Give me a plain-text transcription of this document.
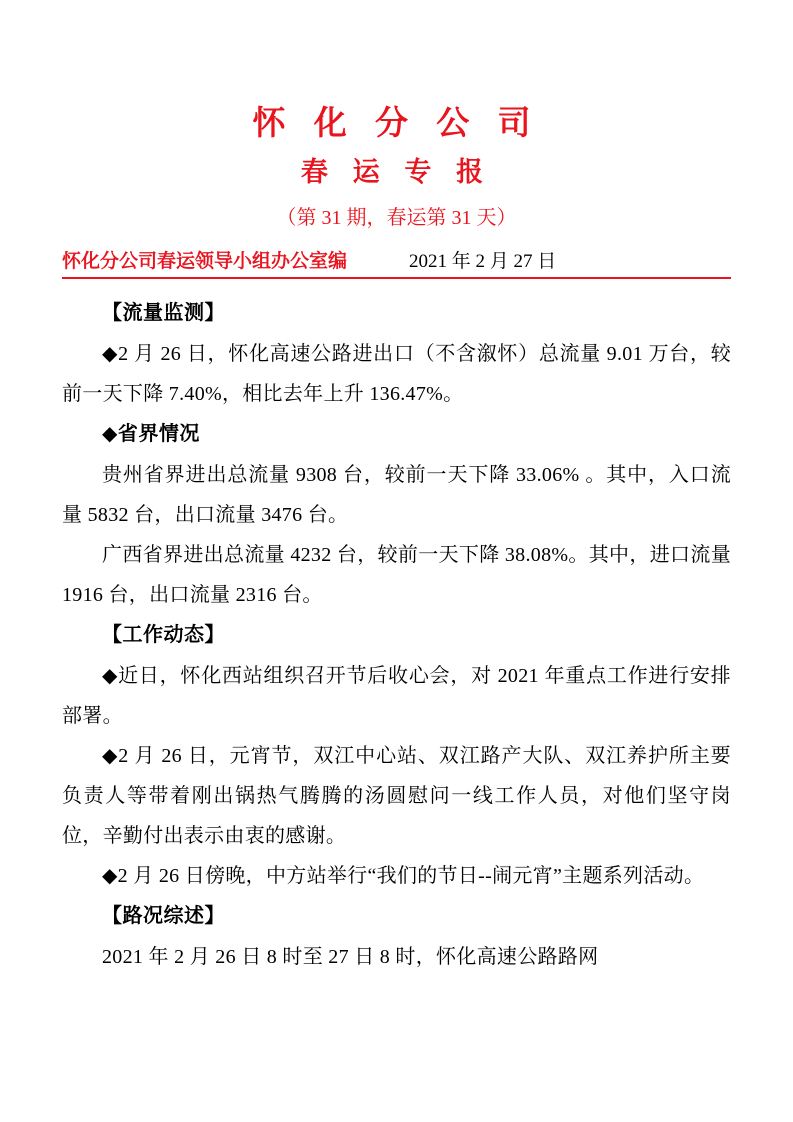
怀 化 分 公 司
春 运 专 报
（第 31 期，春运第 31 天）
怀化分公司春运领导小组办公室编	2021 年 2 月 27 日
【流量监测】

◆2 月 26 日，怀化高速公路进出口（不含溆怀）总流量 9.01 万台，较前一天下降 7.40%，相比去年上升 136.47%。

◆省界情况

贵州省界进出总流量 9308 台，较前一天下降 33.06% 。其中，入口流量 5832 台，出口流量 3476 台。

广西省界进出总流量 4232 台，较前一天下降 38.08%。其中，进口流量 1916 台，出口流量 2316 台。

【工作动态】

◆近日，怀化西站组织召开节后收心会，对 2021 年重点工作进行安排部署。

◆2 月 26 日，元宵节，双江中心站、双江路产大队、双江养护所主要负责人等带着刚出锅热气腾腾的汤圆慰问一线工作人员，对他们坚守岗位，辛勤付出表示由衷的感谢。

◆2 月 26 日傍晚，中方站举行“我们的节日--闹元宵”主题系列活动。

【路况综述】

2021 年 2 月 26 日 8 时至 27 日 8 时，怀化高速公路路网
